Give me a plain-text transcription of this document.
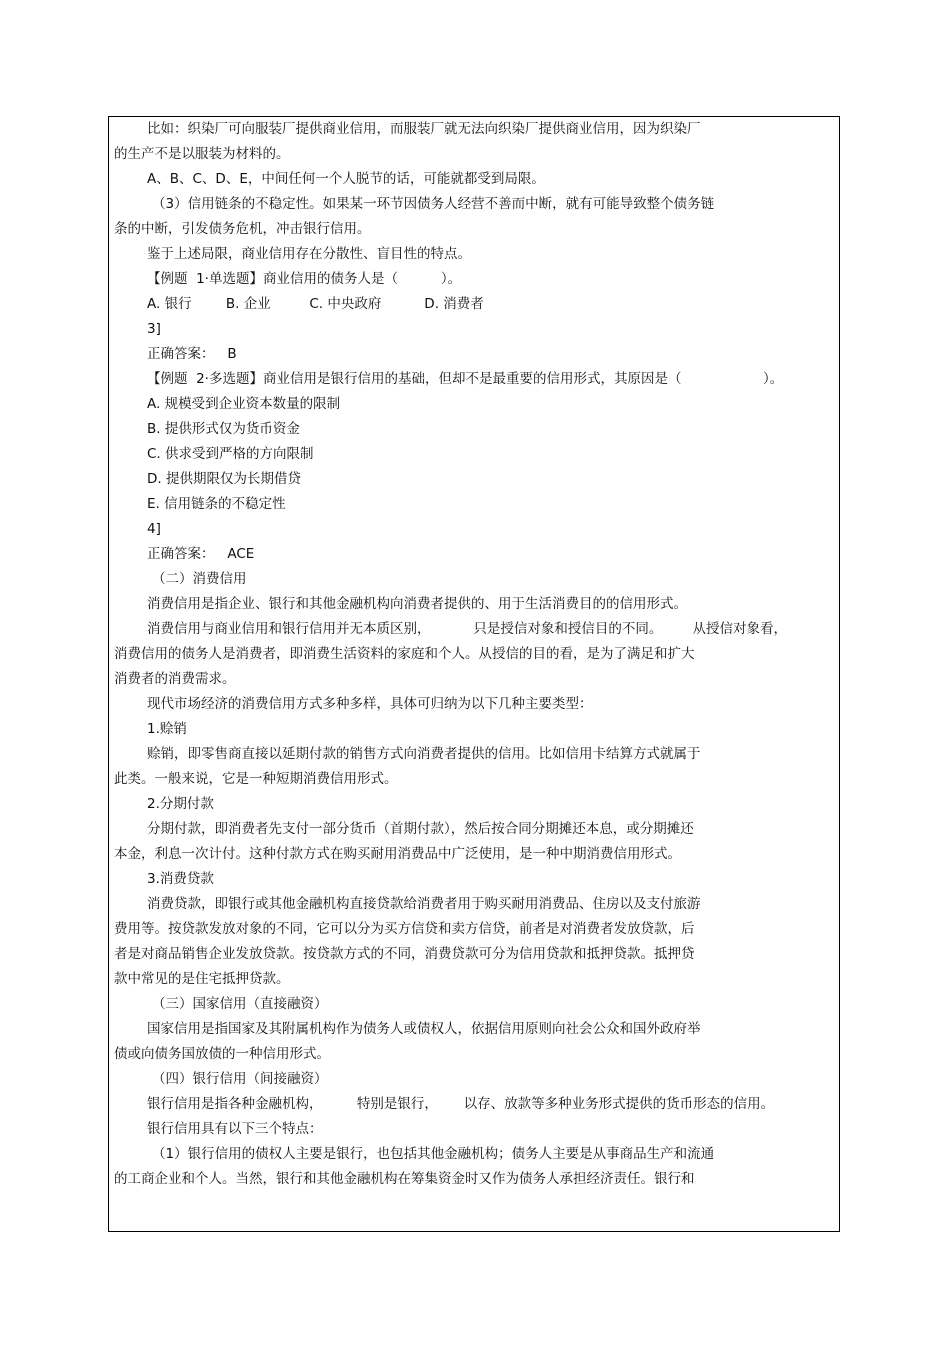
比如：织染厂可向服装厂提供商业信用，而服装厂就无法向织染厂提供商业信用，因为织染厂
的生产不是以服装为材料的。
A、B、C、D、E，中间任何一个人脱节的话，可能就都受到局限。
（3）信用链条的不稳定性。如果某一环节因债务人经营不善而中断，就有可能导致整个债务链
条的中断，引发债务危机，冲击银行信用。
鉴于上述局限，商业信用存在分散性、盲目性的特点。
【例题  1·单选题】商业信用的债务人是（          ）。
A. 银行        B. 企业         C. 中央政府          D. 消费者
3]
正确答案：   B
【例题  2·多选题】商业信用是银行信用的基础，但却不是最重要的信用形式，其原因是（                   ）。
A. 规模受到企业资本数量的限制
B. 提供形式仅为货币资金
C. 供求受到严格的方向限制
D. 提供期限仅为长期借贷
E. 信用链条的不稳定性
4]
正确答案：   ACE
（二）消费信用
消费信用是指企业、银行和其他金融机构向消费者提供的、用于生活消费目的的信用形式。
消费信用与商业信用和银行信用并无本质区别，          只是授信对象和授信目的不同。       从授信对象看，
消费信用的债务人是消费者，即消费生活资料的家庭和个人。从授信的目的看，是为了满足和扩大
消费者的消费需求。
现代市场经济的消费信用方式多种多样，具体可归纳为以下几种主要类型：
1.赊销
赊销，即零售商直接以延期付款的销售方式向消费者提供的信用。比如信用卡结算方式就属于
此类。一般来说，它是一种短期消费信用形式。
2.分期付款
分期付款，即消费者先支付一部分货币（首期付款），然后按合同分期摊还本息，或分期摊还
本金，利息一次计付。这种付款方式在购买耐用消费品中广泛使用，是一种中期消费信用形式。
3.消费贷款
消费贷款，即银行或其他金融机构直接贷款给消费者用于购买耐用消费品、住房以及支付旅游
费用等。按贷款发放对象的不同，它可以分为买方信贷和卖方信贷，前者是对消费者发放贷款，后
者是对商品销售企业发放贷款。按贷款方式的不同，消费贷款可分为信用贷款和抵押贷款。抵押贷
款中常见的是住宅抵押贷款。
（三）国家信用（直接融资）
国家信用是指国家及其附属机构作为债务人或债权人，依据信用原则向社会公众和国外政府举
债或向债务国放债的一种信用形式。
（四）银行信用（间接融资）
银行信用是指各种金融机构，        特别是银行，      以存、放款等多种业务形式提供的货币形态的信用。
银行信用具有以下三个特点：
（1）银行信用的债权人主要是银行，也包括其他金融机构；债务人主要是从事商品生产和流通
的工商企业和个人。当然，银行和其他金融机构在筹集资金时又作为债务人承担经济责任。银行和
